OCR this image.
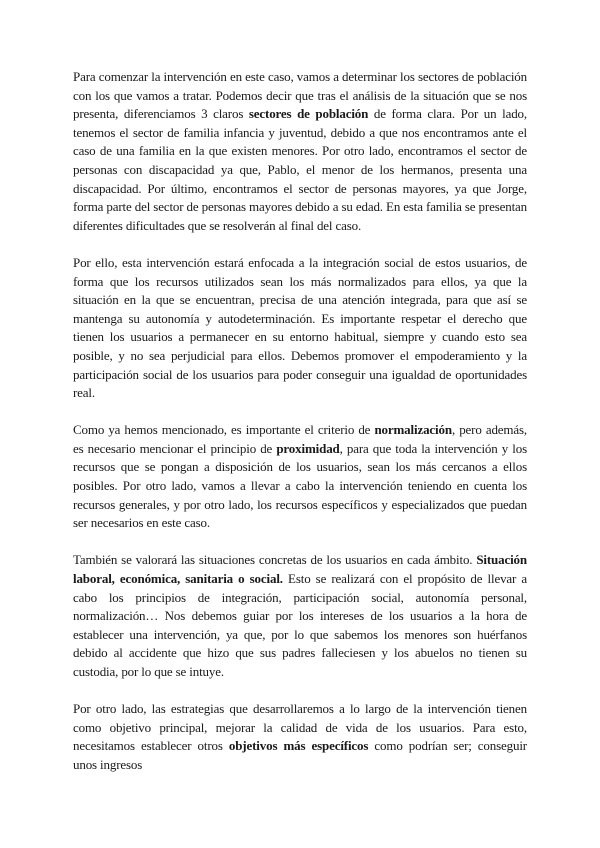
Para comenzar la intervención en este caso, vamos a determinar los sectores de población con los que vamos a tratar. Podemos decir que tras el análisis de la situación que se nos presenta, diferenciamos 3 claros sectores de población de forma clara. Por un lado, tenemos el sector de familia infancia y juventud, debido a que nos encontramos ante el caso de una familia en la que existen menores. Por otro lado, encontramos el sector de personas con discapacidad ya que, Pablo, el menor de los hermanos, presenta una discapacidad. Por último, encontramos el sector de personas mayores, ya que Jorge, forma parte del sector de personas mayores debido a su edad. En esta familia se presentan diferentes dificultades que se resolverán al final del caso.

Por ello, esta intervención estará enfocada a la integración social de estos usuarios, de forma que los recursos utilizados sean los más normalizados para ellos, ya que la situación en la que se encuentran, precisa de una atención integrada, para que así se mantenga su autonomía y autodeterminación. Es importante respetar el derecho que tienen los usuarios a permanecer en su entorno habitual, siempre y cuando esto sea posible, y no sea perjudicial para ellos. Debemos promover el empoderamiento y la participación social de los usuarios para poder conseguir una igualdad de oportunidades real.

Como ya hemos mencionado, es importante el criterio de normalización, pero además, es necesario mencionar el principio de proximidad, para que toda la intervención y los recursos que se pongan a disposición de los usuarios, sean los más cercanos a ellos posibles. Por otro lado, vamos a llevar a cabo la intervención teniendo en cuenta los recursos generales, y por otro lado, los recursos específicos y especializados que puedan ser necesarios en este caso.

También se valorará las situaciones concretas de los usuarios en cada ámbito. Situación laboral, económica, sanitaria o social. Esto se realizará con el propósito de llevar a cabo los principios de integración, participación social, autonomía personal, normalización… Nos debemos guiar por los intereses de los usuarios a la hora de establecer una intervención, ya que, por lo que sabemos los menores son huérfanos debido al accidente que hizo que sus padres falleciesen y los abuelos no tienen su custodia, por lo que se intuye.

Por otro lado, las estrategias que desarrollaremos a lo largo de la intervención tienen como objetivo principal, mejorar la calidad de vida de los usuarios. Para esto, necesitamos establecer otros objetivos más específicos como podrían ser; conseguir unos ingresos
